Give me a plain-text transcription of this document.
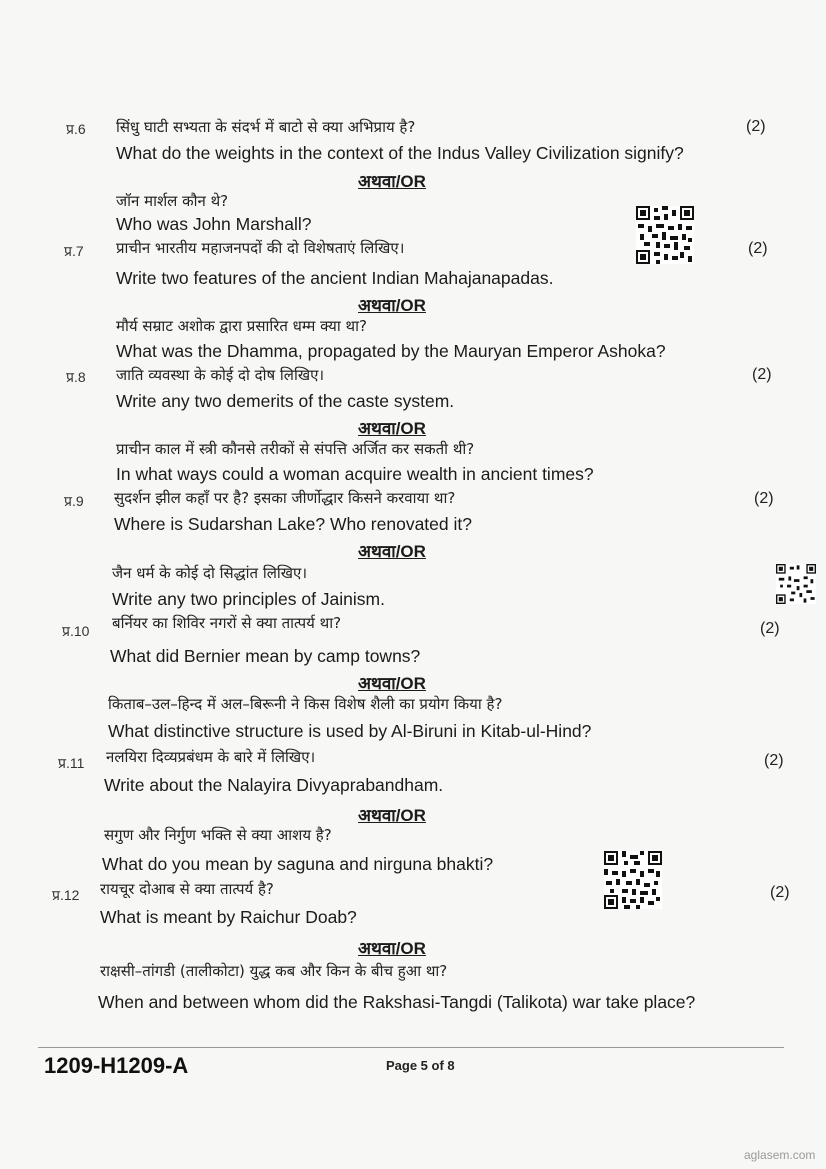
प्र.6 सिंधु घाटी सभ्यता के संदर्भ में बाटो से क्या अभिप्राय है?	(2)
What do the weights in the context of the Indus Valley Civilization signify?
अथवा/OR
जॉन मार्शल कौन थे?
Who was John Marshall?
प्र.7 प्राचीन भारतीय महाजनपदों की दो विशेषताएं लिखिए।	(2)
Write two features of the ancient Indian Mahajanapadas.
अथवा/OR
मौर्य सम्राट अशोक द्वारा प्रसारित धम्म क्या था?
What was the Dhamma, propagated by the Mauryan Emperor Ashoka?
प्र.8 जाति व्यवस्था के कोई दो दोष लिखिए।	(2)
Write any two demerits of the caste system.
अथवा/OR
प्राचीन काल में स्त्री कौनसे तरीकों से संपत्ति अर्जित कर सकती थी?
In what ways could a woman acquire wealth in ancient times?
प्र.9 सुदर्शन झील कहाँ पर है? इसका जीर्णोद्धार किसने करवाया था?	(2)
Where is Sudarshan Lake? Who renovated it?
अथवा/OR
जैन धर्म के कोई दो सिद्धांत लिखिए।
Write any two principles of Jainism.
प्र.10 बर्नियर का शिविर नगरों से क्या तात्पर्य था?	(2)
What did Bernier mean by camp towns?
अथवा/OR
किताब–उल–हिन्द में अल–बिरूनी ने किस विशेष शैली का प्रयोग किया है?
What distinctive structure is used by Al-Biruni in Kitab-ul-Hind?
प्र.11 नलयिरा दिव्यप्रबंधम के बारे में लिखिए।	(2)
Write about the Nalayira Divyaprabandham.
अथवा/OR
सगुण और निर्गुण भक्ति से क्या आशय है?
What do you mean by saguna and nirguna bhakti?
प्र.12 रायचूर दोआब से क्या तात्पर्य है?	(2)
What is meant by Raichur Doab?
अथवा/OR
राक्षसी–तांगडी (तालीकोटा) युद्ध कब और किन के बीच हुआ था?
When and between whom did the Rakshasi-Tangdi (Talikota) war take place?
1209-H1209-A	Page 5 of 8
aglasem.com
